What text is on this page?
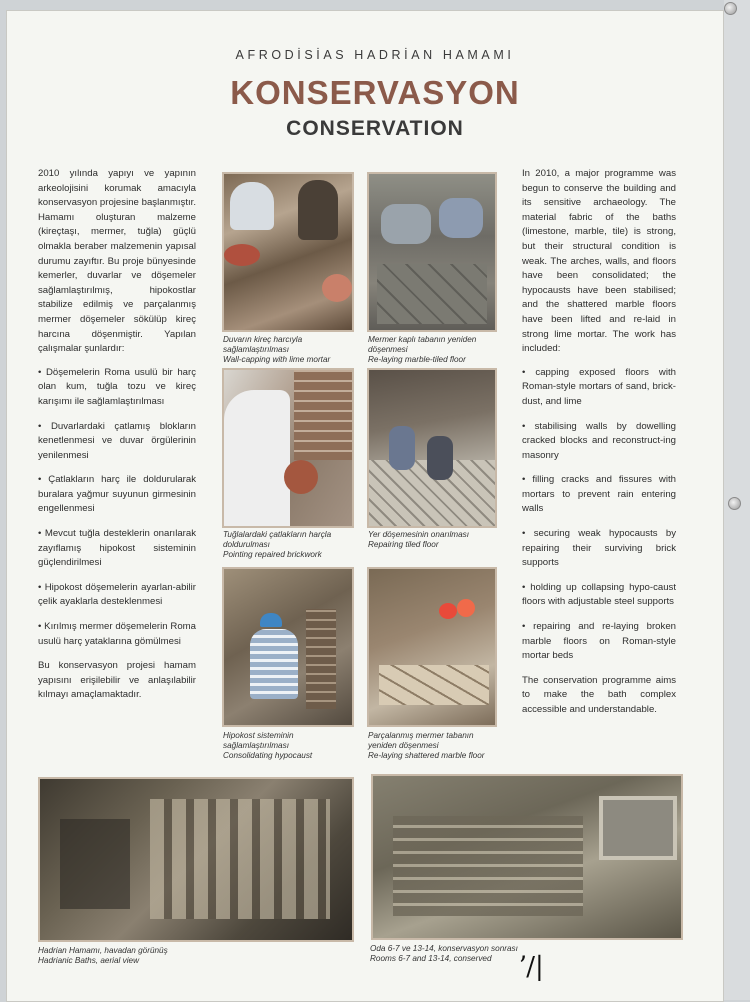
AFRODİSİAS HADRİAN HAMAMI
KONSERVASYON
CONSERVATION

2010 yılında yapıyı ve yapının arkeolojisini korumak amacıyla konservasyon projesine başlanmıştır. Hamamı oluşturan malzeme (kireçtaşı, mermer, tuğla) güçlü olmakla beraber malzemenin yapısal durumu zayıftır. Bu proje bünyesinde kemerler, duvarlar ve döşemeler sağlamlaştırılmış, hipokostlar stabilize edilmiş ve parçalanmış mermer döşemeler sökülüp kireç harcına döşenmiştir. Yapılan çalışmalar şunlardır:

• Döşemelerin Roma usulü bir harç olan kum, tuğla tozu ve kireç karışımı ile sağlamlaştırılması
• Duvarlardaki çatlamış blokların kenetlenmesi ve duvar örgülerinin yenilenmesi
• Çatlakların harç ile doldurularak buralara yağmur suyunun girmesinin engellenmesi
• Mevcut tuğla desteklerin onarılarak zayıflamış hipokost sisteminin güçlendirilmesi
• Hipokost döşemelerin ayarlan-abilir çelik ayaklarla desteklenmesi
• Kırılmış mermer döşemelerin Roma usulü harç yataklarına gömülmesi

Bu konservasyon projesi hamam yapısını erişilebilir ve anlaşılabilir kılmayı amaçlamaktadır.

In 2010, a major programme was begun to conserve the building and its sensitive archaeology. The material fabric of the baths (limestone, marble, tile) is strong, but their structural condition is weak. The arches, walls, and floors have been consolidated; the hypocausts have been stabilised; and the shattered marble floors have been lifted and re-laid in strong lime mortar. The work has included:

• capping exposed floors with Roman-style mortars of sand, brick-dust, and lime
• stabilising walls by dowelling cracked blocks and reconstruct-ing masonry
• filling cracks and fissures with mortars to prevent rain entering walls
• securing weak hypocausts by repairing their surviving brick supports
• holding up collapsing hypo-caust floors with adjustable steel supports
• repairing and re-laying broken marble floors on Roman-style mortar beds

The conservation programme aims to make the bath complex accessible and understandable.

Duvarın kireç harcıyla sağlamlaştırılması
Wall-capping with lime mortar
Mermer kaplı tabanın yeniden döşenmesi
Re-laying marble-tiled floor
Tuğlalardaki çatlakların harçla doldurulması
Pointing repaired brickwork
Yer döşemesinin onarılması
Repairing tiled floor
Hipokost sisteminin sağlamlaştırılması
Consolidating hypocaust
Parçalanmış mermer tabanın yeniden döşenmesi
Re-laying shattered marble floor
Hadrian Hamamı, havadan görünüş
Hadrianic Baths, aerial view
Oda 6-7 ve 13-14, konservasyon sonrası
Rooms 6-7 and 13-14, conserved	ʼ/|
